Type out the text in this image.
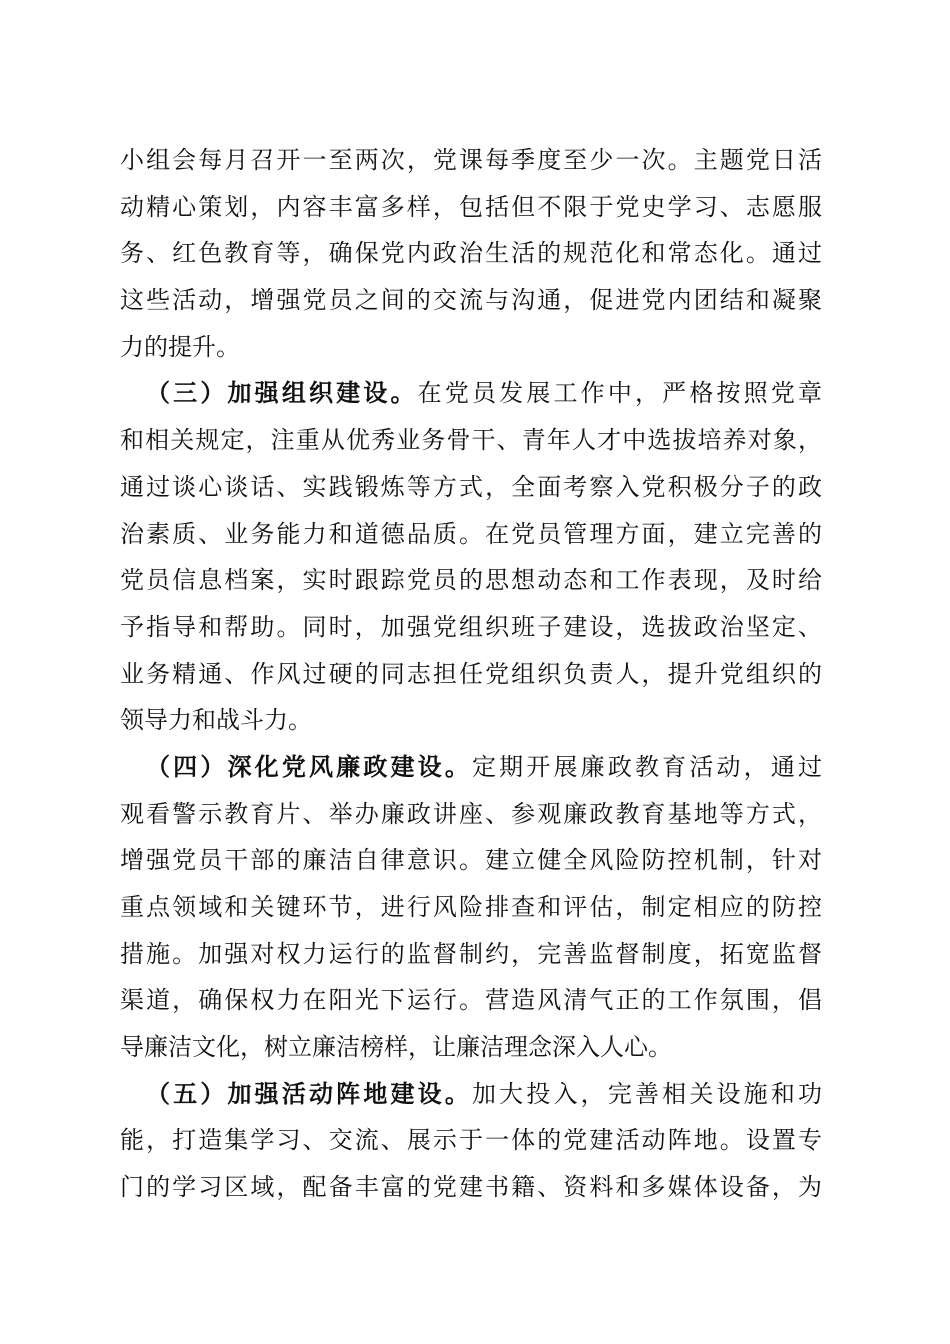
小组会每月召开一至两次，党课每季度至少一次。主题党日活
动精心策划，内容丰富多样，包括但不限于党史学习、志愿服
务、红色教育等，确保党内政治生活的规范化和常态化。通过
这些活动，增强党员之间的交流与沟通，促进党内团结和凝聚
力的提升。
（三）加强组织建设。在党员发展工作中，严格按照党章
和相关规定，注重从优秀业务骨干、青年人才中选拔培养对象，
通过谈心谈话、实践锻炼等方式，全面考察入党积极分子的政
治素质、业务能力和道德品质。在党员管理方面，建立完善的
党员信息档案，实时跟踪党员的思想动态和工作表现，及时给
予指导和帮助。同时，加强党组织班子建设，选拔政治坚定、
业务精通、作风过硬的同志担任党组织负责人，提升党组织的
领导力和战斗力。
（四）深化党风廉政建设。定期开展廉政教育活动，通过
观看警示教育片、举办廉政讲座、参观廉政教育基地等方式，
增强党员干部的廉洁自律意识。建立健全风险防控机制，针对
重点领域和关键环节，进行风险排查和评估，制定相应的防控
措施。加强对权力运行的监督制约，完善监督制度，拓宽监督
渠道，确保权力在阳光下运行。营造风清气正的工作氛围，倡
导廉洁文化，树立廉洁榜样，让廉洁理念深入人心。
（五）加强活动阵地建设。加大投入，完善相关设施和功
能，打造集学习、交流、展示于一体的党建活动阵地。设置专
门的学习区域，配备丰富的党建书籍、资料和多媒体设备，为
